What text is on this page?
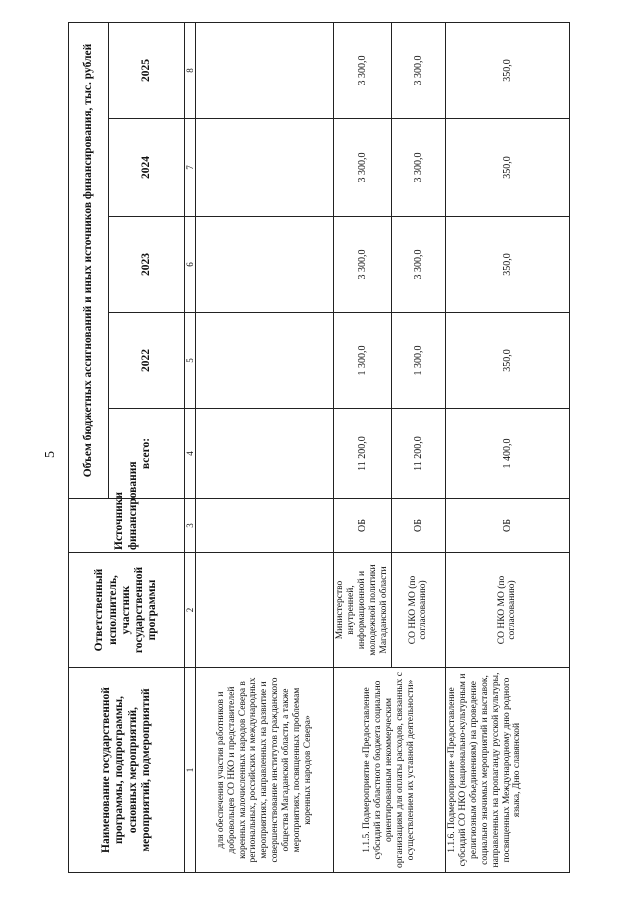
5
Наименование государственной программы, подпрограммы, основных мероприятий, мероприятий, подмероприятий	Ответственный исполнитель, участник государственной программы	Источники финансирования	Объем бюджетных ассигнований и иных источников финансирования, тыс. рублей				
			всего:	2022	2023	2024	2025
1	2	3	4	5	6	7	8
для обеспечения участия работников и добровольцев СО НКО и представителей коренных малочисленных народов Севера в региональных, российских и международных мероприятиях, направленных на развитие и совершенствование институтов гражданского общества Магаданской области, а также мероприятиях, посвященных проблемам коренных народов Севера»							
1.1.5. Подмероприятие «Предоставление субсидий из областного бюджета социально ориентированным некоммерческим организациям для оплаты расходов, связанных с осуществлением их уставной деятельности»	Министерство внутренней, информационной и молодежной политики Магаданской области	ОБ	11 200,0	1 300,0	3 300,0	3 300,0	3 300,0
	СО НКО МО (по согласованию)	ОБ	11 200,0	1 300,0	3 300,0	3 300,0	3 300,0
1.1.6. Подмероприятие «Предоставление субсидий СО НКО (национально-культурным и религиозным объединениям) на проведение социально значимых мероприятий и выставок, направленных на пропаганду русской культуры, посвященных Международному дню родного языка, Дню славянской	СО НКО МО (по согласованию)	ОБ	1 400,0	350,0	350,0	350,0	350,0
